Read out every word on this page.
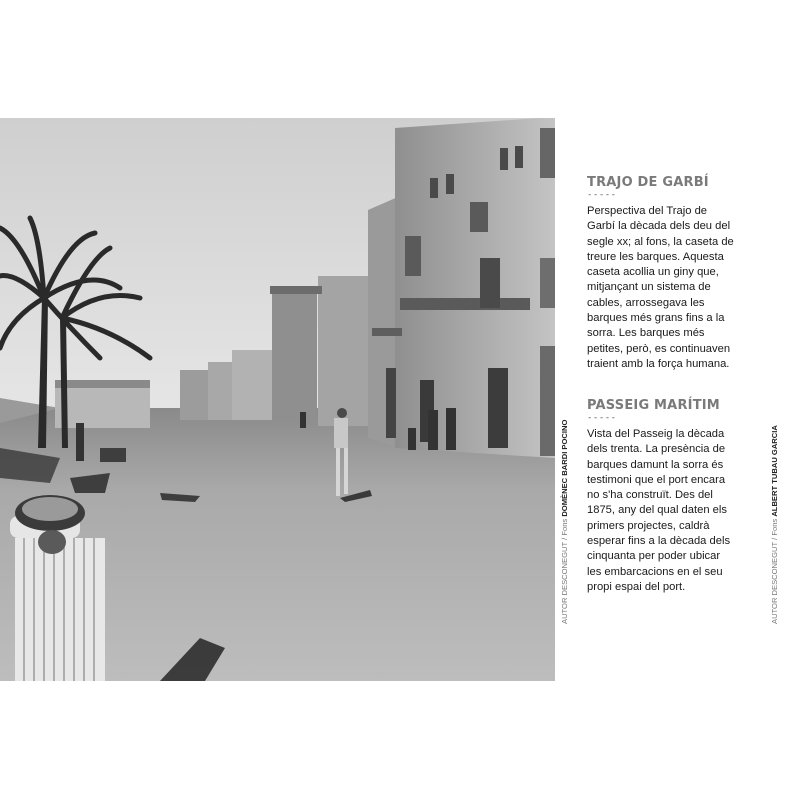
TRAJO DE GARBÍ
-----

Perspectiva del Trajo de Garbí la dècada dels deu del segle xx; al fons, la caseta de treure les barques. Aquesta caseta acollia un giny que, mitjançant un sistema de cables, arrossegava les barques més grans fins a la sorra. Les barques més petites, però, es continuaven traient amb la força humana.

PASSEIG MARÍTIM
-----

Vista del Passeig la dècada dels trenta. La presència de barques damunt la sorra és testimoni que el port encara no s'ha construït. Des del 1875, any del qual daten els primers projectes, caldrà esperar fins a la dècada dels cinquanta per poder ubicar les embarcacions en el seu propi espai del port.

AUTOR DESCONEGUT / Fons DOMÈNEC BARDI POCINO
AUTOR DESCONEGUT / Fons ALBERT TUBAU GARCIA
